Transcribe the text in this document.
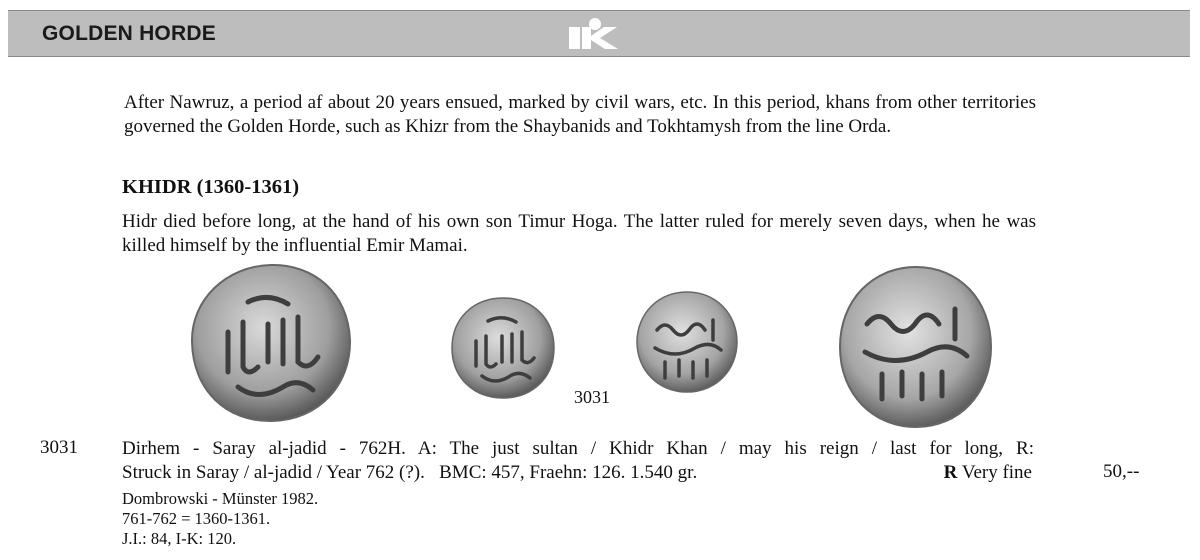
GOLDEN HORDE
After Nawruz, a period af about 20 years ensued, marked by civil wars, etc. In this period, khans from other territories governed the Golden Horde, such as Khizr from the Shaybanids and Tokhtamysh from the line Orda.
KHIDR (1360-1361)
Hidr died before long, at the hand of his own son Timur Hoga. The latter ruled for merely seven days, when he was killed himself by the influential Emir Mamai.
3031
3031 Dirhem - Saray al-jadid - 762H. A: The just sultan / Khidr Khan / may his reign / last for long, R:
Struck in Saray / al-jadid / Year 762 (?).   BMC: 457, Fraehn: 126. 1.540 gr.	R Very fine	50,--
Dombrowski - Münster 1982.
761-762 = 1360-1361.
J.I.: 84, I-K: 120.
